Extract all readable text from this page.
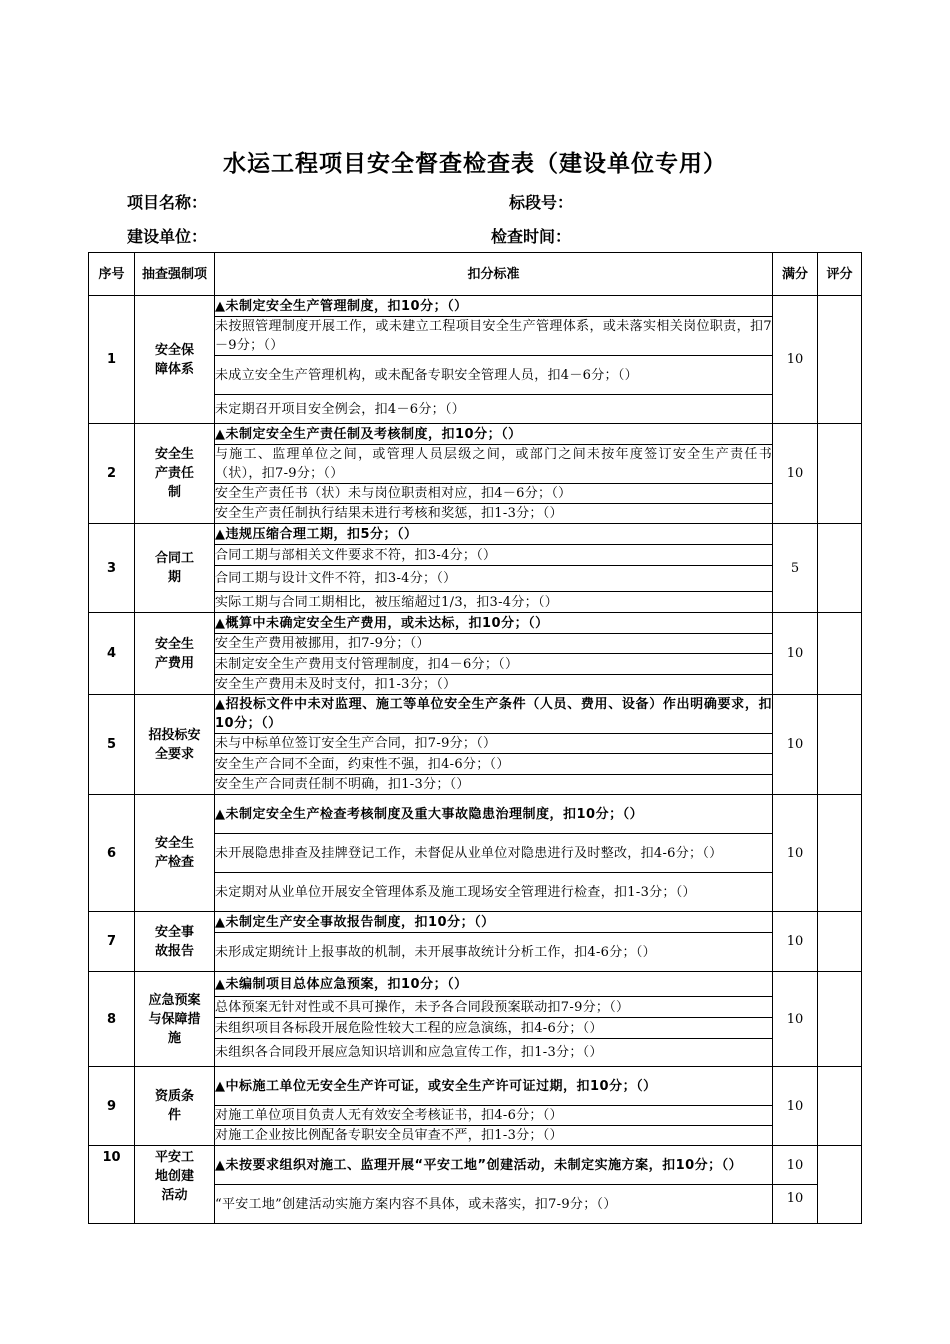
水运工程项目安全督查检查表（建设单位专用）
项目名称：	标段号：
建设单位：	检查时间：
序号	抽查强制项	扣分标准	满分	评分
1	安全保障体系	▲未制定安全生产管理制度，扣10分；（）	10	
		未按照管理制度开展工作，或未建立工程项目安全生产管理体系，或未落实相关岗位职责，扣7－9分；（）		
		未成立安全生产管理机构，或未配备专职安全管理人员，扣4－6分；（）		
		未定期召开项目安全例会，扣4－6分；（）		
2	安全生产责任制	▲未制定安全生产责任制及考核制度，扣10分；（）	10	
		与施工、监理单位之间，或管理人员层级之间，或部门之间未按年度签订安全生产责任书（状），扣7-9分；（）		
		安全生产责任书（状）未与岗位职责相对应，扣4－6分；（）		
		安全生产责任制执行结果未进行考核和奖惩，扣1-3分；（）		
3	合同工期	▲违规压缩合理工期，扣5分；（）	5	
		合同工期与部相关文件要求不符，扣3-4分；（）		
		合同工期与设计文件不符，扣3-4分；（）		
		实际工期与合同工期相比，被压缩超过1/3，扣3-4分；（）		
4	安全生产费用	▲概算中未确定安全生产费用，或未达标，扣10分；（）	10	
		安全生产费用被挪用，扣7-9分；（）		
		未制定安全生产费用支付管理制度，扣4－6分；（）		
		安全生产费用未及时支付，扣1-3分；（）		
5	招投标安全要求	▲招投标文件中未对监理、施工等单位安全生产条件（人员、费用、设备）作出明确要求，扣10分；（）	10	
		未与中标单位签订安全生产合同，扣7-9分；（）		
		安全生产合同不全面，约束性不强，扣4-6分；（）		
		安全生产合同责任制不明确，扣1-3分；（）		
6	安全生产检查	▲未制定安全生产检查考核制度及重大事故隐患治理制度，扣10分；（）	10	
		未开展隐患排查及挂牌登记工作，未督促从业单位对隐患进行及时整改，扣4-6分；（）		
		未定期对从业单位开展安全管理体系及施工现场安全管理进行检查，扣1-3分；（）		
7	安全事故报告	▲未制定生产安全事故报告制度，扣10分；（）	10	
		未形成定期统计上报事故的机制，未开展事故统计分析工作，扣4-6分；（）		
8	应急预案与保障措施	▲未编制项目总体应急预案，扣10分；（）	10	
		总体预案无针对性或不具可操作，未予各合同段预案联动扣7-9分；（）		
		未组织项目各标段开展危险性较大工程的应急演练，扣4-6分；（）		
		未组织各合同段开展应急知识培训和应急宣传工作，扣1-3分；（）		
9	资质条件	▲中标施工单位无安全生产许可证，或安全生产许可证过期，扣10分；（）	10	
		对施工单位项目负责人无有效安全考核证书，扣4-6分；（）		
		对施工企业按比例配备专职安全员审查不严，扣1-3分；（）		
10	平安工地创建活动	▲未按要求组织对施工、监理开展“平安工地”创建活动，未制定实施方案，扣10分；（）	10	
		“平安工地”创建活动实施方案内容不具体，或未落实，扣7-9分；（）	10	
